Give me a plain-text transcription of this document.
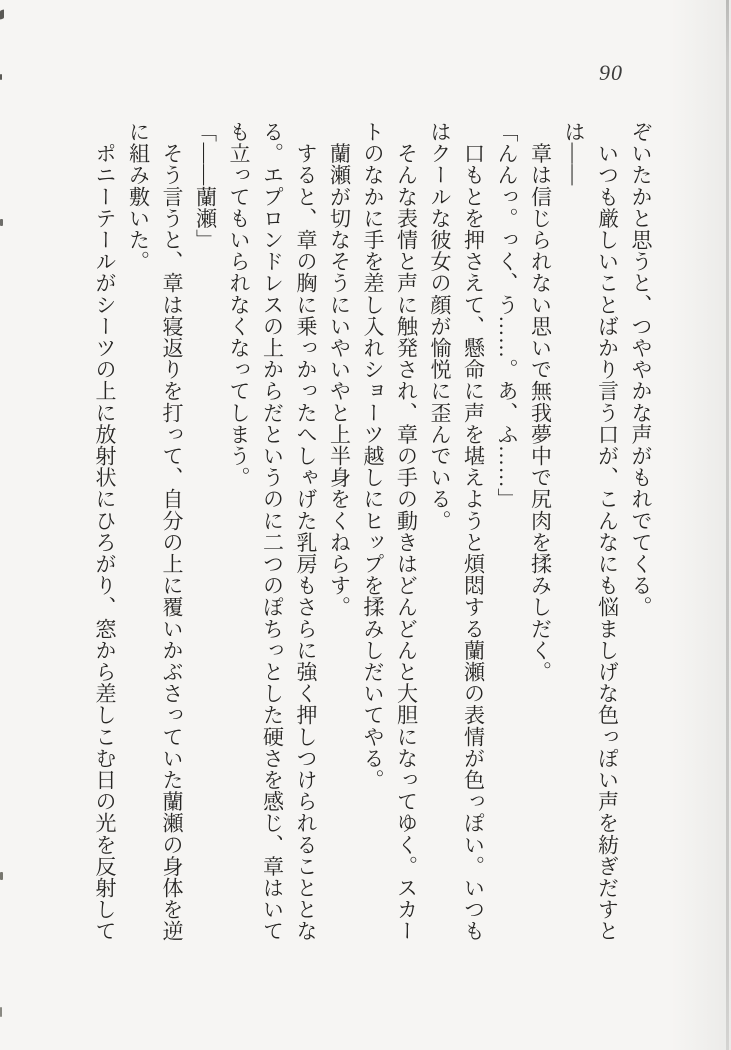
90

ぞいたかと思うと、つややかな声がもれでてくる。

　いつも厳しいことばかり言う口が、こんなにも悩ましげな色っぽい声を紡ぎだすとは――

　章は信じられない思いで無我夢中で尻肉を揉みしだく。

「んんっ。っく、う……。あ、ふ……」

　口もとを押さえて、懸命に声を堪えようと煩悶する蘭瀬の表情が色っぽい。いつもはクールな彼女の顔が愉悦に歪んでいる。

　そんな表情と声に触発され、章の手の動きはどんどんと大胆になってゆく。スカートのなかに手を差し入れショーツ越しにヒップを揉みしだいてやる。

　蘭瀬が切なそうにいやいやと上半身をくねらす。

　すると、章の胸に乗っかったへしゃげた乳房もさらに強く押しつけられることとなる。エプロンドレスの上からだというのに二つのぽちっとした硬さを感じ、章はいても立ってもいられなくなってしまう。

「――蘭瀬」

　そう言うと、章は寝返りを打って、自分の上に覆いかぶさっていた蘭瀬の身体を逆に組み敷いた。

　ポニーテールがシーツの上に放射状にひろがり、窓から差しこむ日の光を反射して
